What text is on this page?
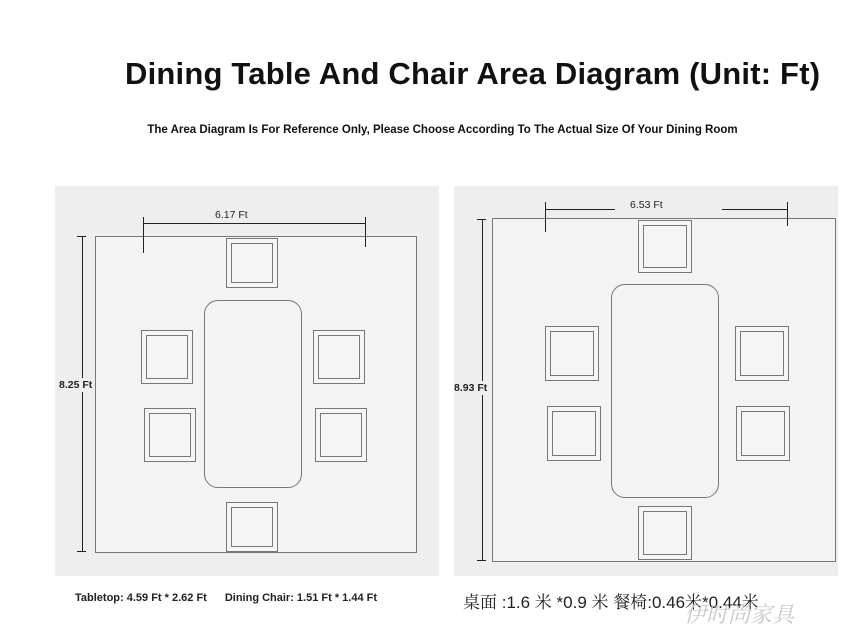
Dining Table And Chair Area Diagram (Unit: Ft)
The Area Diagram Is For Reference Only, Please Choose According To The Actual Size Of Your Dining Room
6.17 Ft
8.25 Ft
6.53 Ft
8.93 Ft
Tabletop: 4.59 Ft * 2.62 Ft Dining Chair: 1.51 Ft * 1.44 Ft	桌面 :1.6 米 *0.9 米 餐椅:0.46米*0.44米
伊时尚家具
